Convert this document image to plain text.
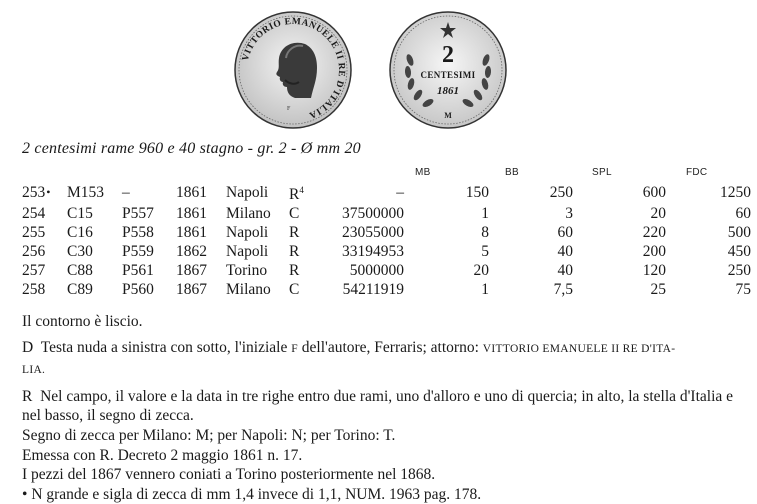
VITTORIO EMANUELE II RE D'ITALIA
F
2
CENTESIMI
1861
M
2 centesimi rame 960 e 40 stagno - gr. 2 - Ø mm 20
MB	BB	SPL	FDC
253•	M153	–	1861	Napoli	$R^4$	–	150	250	600	1250
254	C15	P557	1861	Milano	C	37500000	1	3	20	60
255	C16	P558	1861	Napoli	R	23055000	8	60	220	500
256	C30	P559	1862	Napoli	R	33194953	5	40	200	450
257	C88	P561	1867	Torino	R	5000000	20	40	120	250
258	C89	P560	1867	Milano	C	54211919	1	7,5	25	75

Il contorno è liscio.

D Testa nuda a sinistra con sotto, l'iniziale F dell'autore, Ferraris; attorno: VITTORIO EMANUELE II RE D'ITA-
LIA.

R Nel campo, il valore e la data in tre righe entro due rami, uno d'alloro e uno di quercia; in alto, la stella d'Italia e nel basso, il segno di zecca.

Segno di zecca per Milano: M; per Napoli: N; per Torino: T.

Emessa con R. Decreto 2 maggio 1861 n. 17.

I pezzi del 1867 vennero coniati a Torino posteriormente nel 1868.

• N grande e sigla di zecca di mm 1,4 invece di 1,1, NUM. 1963 pag. 178.
